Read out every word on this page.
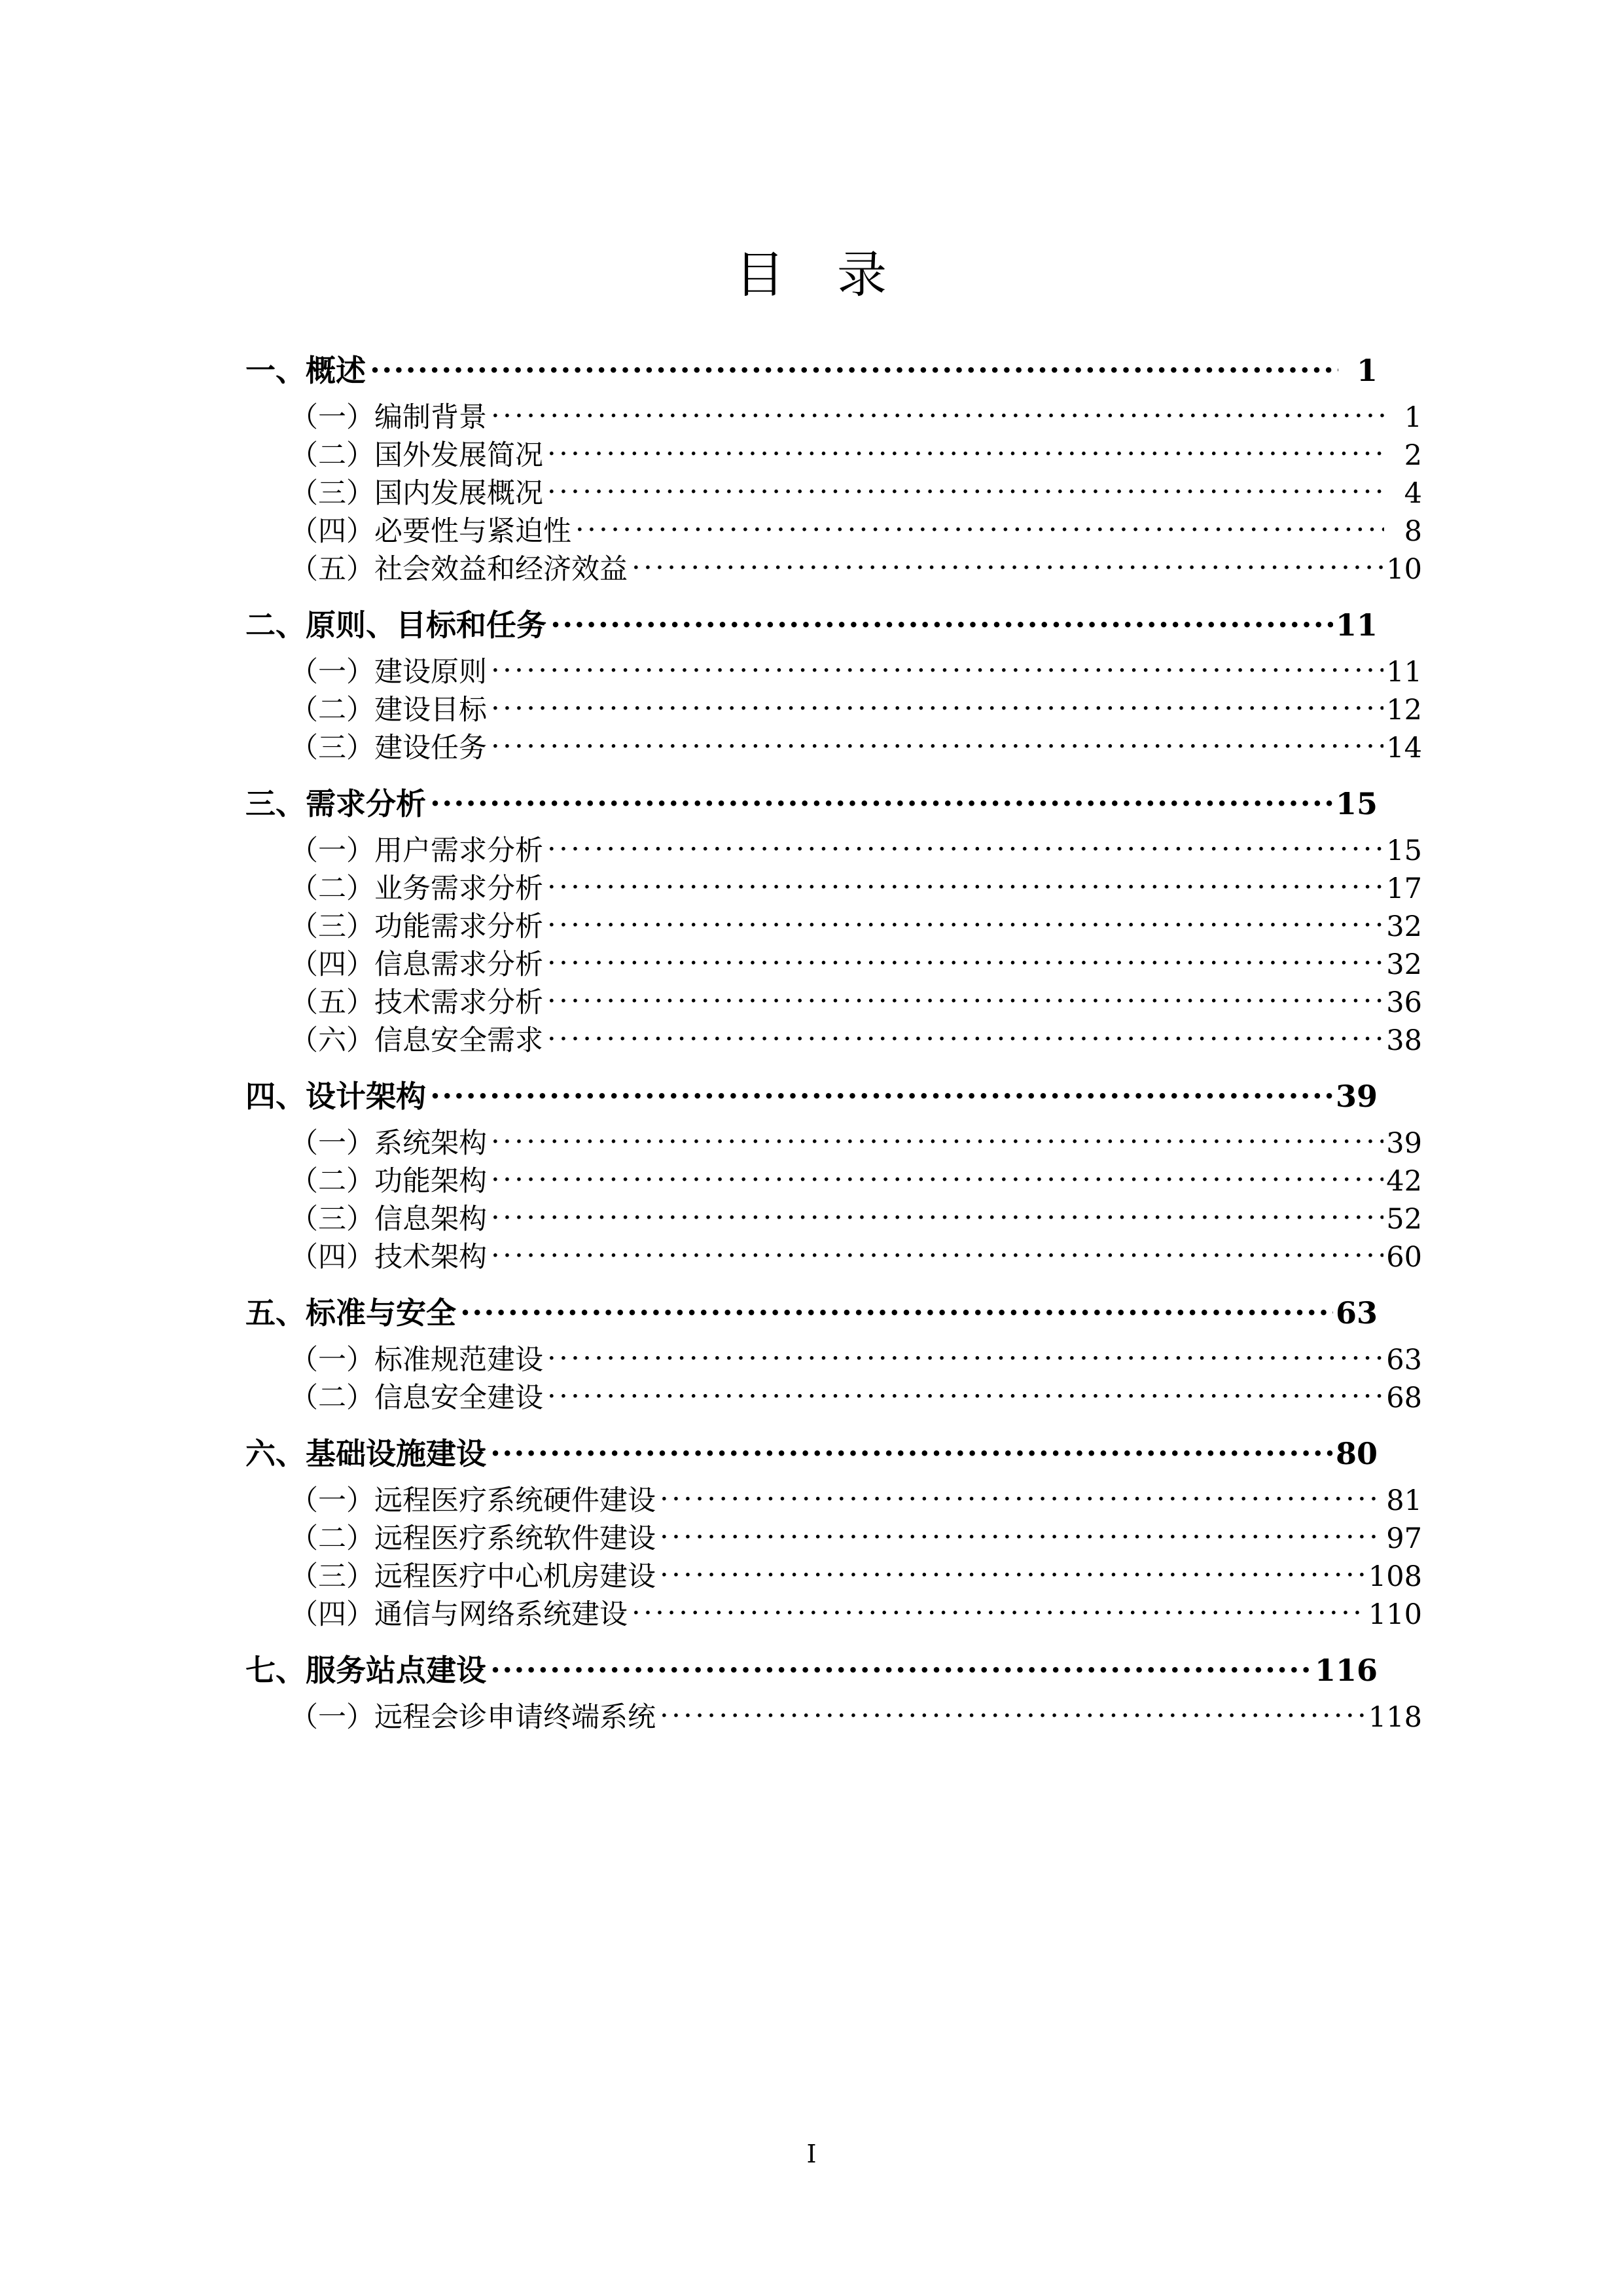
目　录
一、概述 .....	1
（一）编制背景 .....	1
（二）国外发展简况 .....	2
（三）国内发展概况 .....	4
（四）必要性与紧迫性 .....	8
（五）社会效益和经济效益 .....	10
二、原则、目标和任务 .....	11
（一）建设原则 .....	11
（二）建设目标 .....	12
（三）建设任务 .....	14
三、需求分析 .....	15
（一）用户需求分析 .....	15
（二）业务需求分析 .....	17
（三）功能需求分析 .....	32
（四）信息需求分析 .....	32
（五）技术需求分析 .....	36
（六）信息安全需求 .....	38
四、设计架构 .....	39
（一）系统架构 .....	39
（二）功能架构 .....	42
（三）信息架构 .....	52
（四）技术架构 .....	60
五、标准与安全 .....	63
（一）标准规范建设 .....	63
（二）信息安全建设 .....	68
六、基础设施建设 .....	80
（一）远程医疗系统硬件建设 .....	81
（二）远程医疗系统软件建设 .....	97
（三）远程医疗中心机房建设 .....	108
（四）通信与网络系统建设 .....	110
七、服务站点建设 .....	116
（一）远程会诊申请终端系统 .....	118
I
